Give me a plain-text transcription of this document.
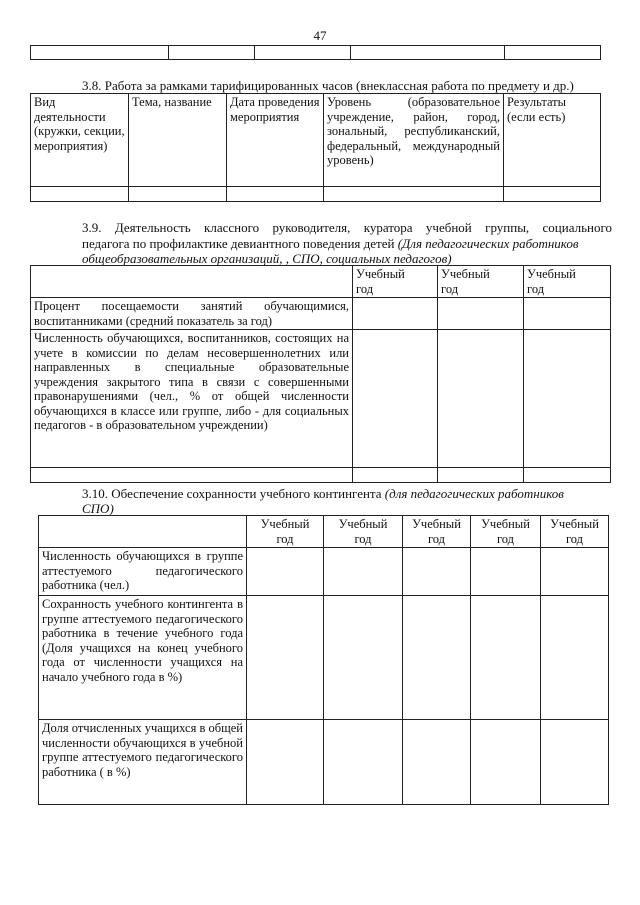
47

3.8. Работа за рамками тарифицированных часов (внеклассная работа по предмету и др.)
Вид деятельности (кружки, секции, мероприятия)	Тема, название	Дата проведения мероприятия	Уровень (образовательное учреждение, район, город, зональный, республиканский, федеральный, международный уровень)	Результаты (если есть)

3.9. Деятельность классного руководителя, куратора учебной группы, социального
педагога по профилактике девиантного поведения детей (Для педагогических работников
общеобразовательных организаций, , СПО, социальных педагогов)
	Учебный
год	Учебный
год	Учебный
год
Процент посещаемости занятий обучающимися, воспитанниками (средний показатель за год)			
Численность обучающихся, воспитанников, состоящих на учете в комиссии по делам несовершеннолетних или направленных в специальные образовательные учреждения закрытого типа в связи с совершенными правонарушениями (чел., % от общей численности обучающихся в классе или группе, либо - для социальных педагогов - в образовательном учреждении)			

3.10. Обеспечение сохранности учебного контингента (для педагогических работников
СПО)
	Учебный
год	Учебный
год	Учебный
год	Учебный
год	Учебный
год
Численность обучающихся в группе аттестуемого педагогического работника (чел.)					
Сохранность учебного контингента в группе аттестуемого педагогического работника в течение учебного года (Доля учащихся на конец учебного года от численности учащихся на начало учебного года в %)					
Доля отчисленных учащихся в общей численности обучающихся в учебной группе аттестуемого педагогического работника ( в %)					
